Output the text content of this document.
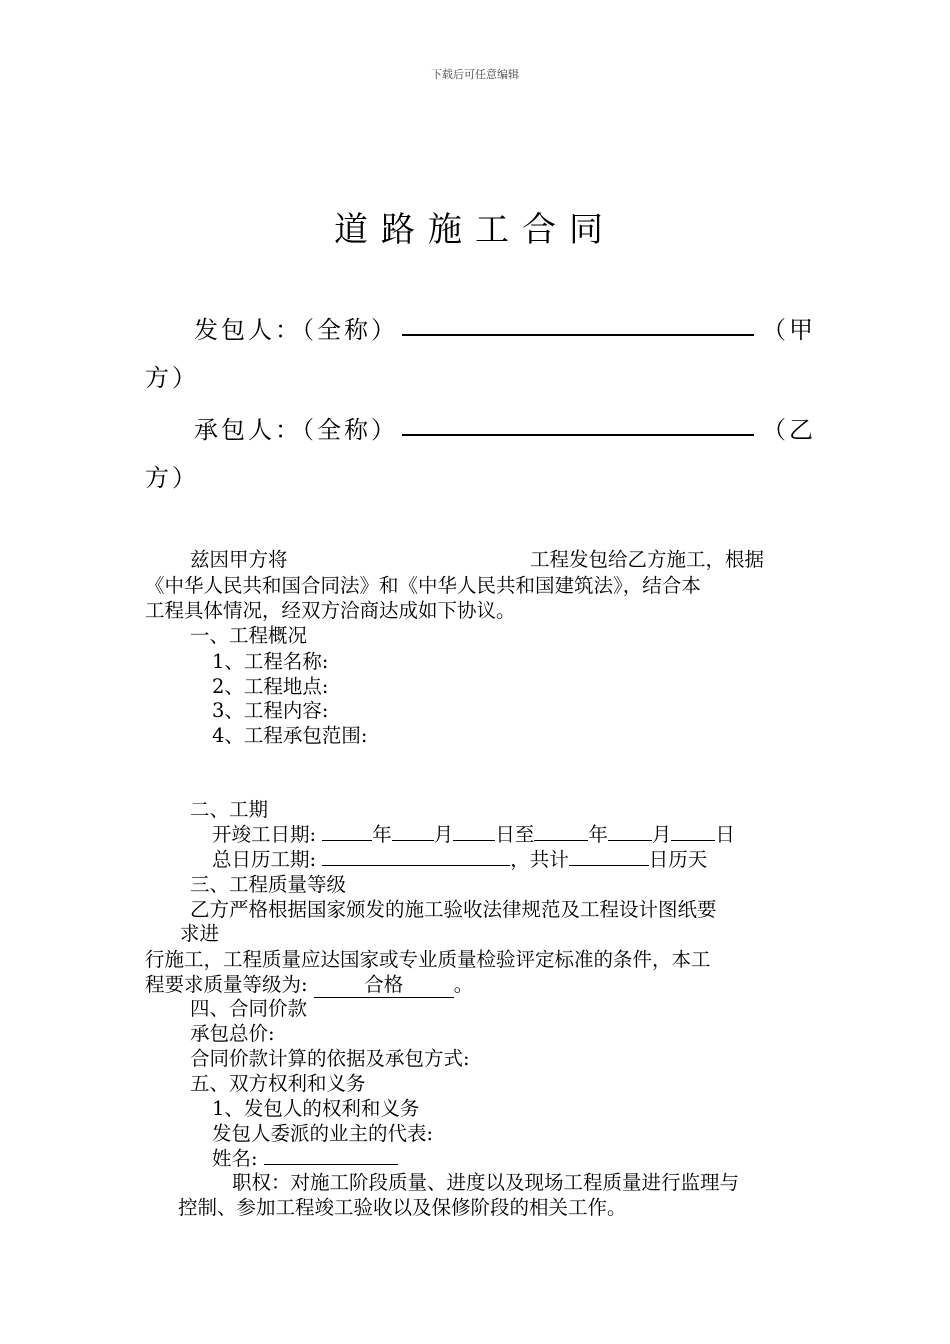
下载后可任意编辑
道路施工合同
发包人：（全称）	（甲
方）
承包人：（全称）	（乙
方）
兹因甲方将	工程发包给乙方施工，根据
《中华人民共和国合同法》和《中华人民共和国建筑法》，结合本
工程具体情况，经双方洽商达成如下协议。
一、工程概况
1、工程名称:
2、工程地点:
3、工程内容:
4、工程承包范围:
二、工期
开竣工日期:	年 月 日至	年 月 日
总日历工期:	，共计	日历天
三、工程质量等级
乙方严格根据国家颁发的施工验收法律规范及工程设计图纸要
求进
行施工，工程质量应达国家或专业质量检验评定标准的条件，本工
程要求质量等级为:	合格	。
四、合同价款
承包总价:
合同价款计算的依据及承包方式:
五、双方权利和义务
1、发包人的权利和义务
发包人委派的业主的代表:
姓名:
职权：对施工阶段质量、进度以及现场工程质量进行监理与
控制、参加工程竣工验收以及保修阶段的相关工作。
